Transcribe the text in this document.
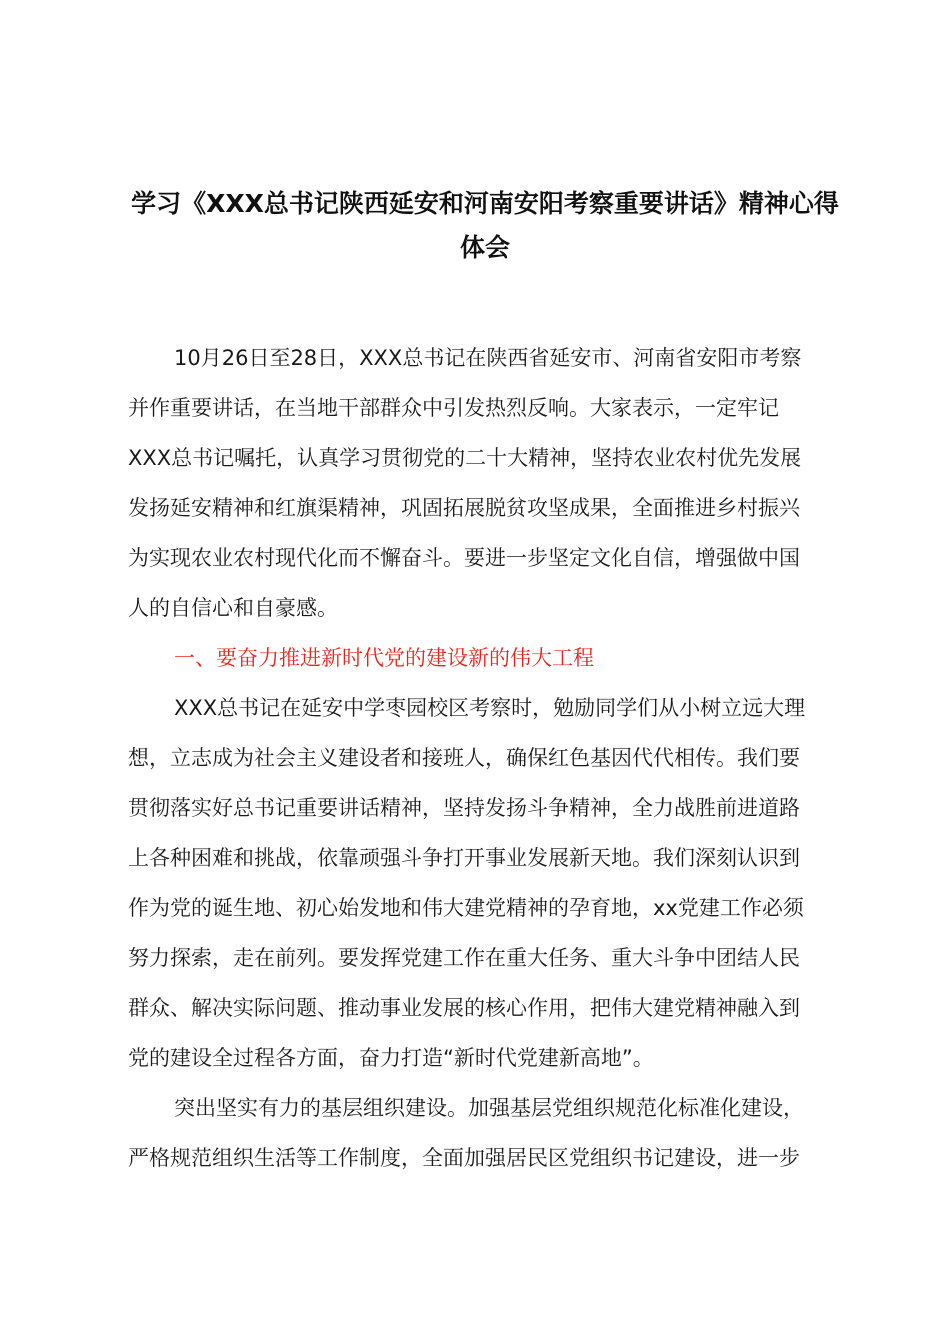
学习《XXX总书记陕西延安和河南安阳考察重要讲话》精神心得
体会
10月26日至28日，XXX总书记在陕西省延安市、河南省安阳市考察
并作重要讲话，在当地干部群众中引发热烈反响。大家表示，一定牢记
XXX总书记嘱托，认真学习贯彻党的二十大精神，坚持农业农村优先发展
发扬延安精神和红旗渠精神，巩固拓展脱贫攻坚成果，全面推进乡村振兴
为实现农业农村现代化而不懈奋斗。要进一步坚定文化自信，增强做中国
人的自信心和自豪感。
一、要奋力推进新时代党的建设新的伟大工程
XXX总书记在延安中学枣园校区考察时，勉励同学们从小树立远大理
想，立志成为社会主义建设者和接班人，确保红色基因代代相传。我们要
贯彻落实好总书记重要讲话精神，坚持发扬斗争精神，全力战胜前进道路
上各种困难和挑战，依靠顽强斗争打开事业发展新天地。我们深刻认识到
作为党的诞生地、初心始发地和伟大建党精神的孕育地，xx党建工作必须
努力探索，走在前列。要发挥党建工作在重大任务、重大斗争中团结人民
群众、解决实际问题、推动事业发展的核心作用，把伟大建党精神融入到
党的建设全过程各方面，奋力打造“新时代党建新高地”。
突出坚实有力的基层组织建设。加强基层党组织规范化标准化建设，
严格规范组织生活等工作制度，全面加强居民区党组织书记建设，进一步
